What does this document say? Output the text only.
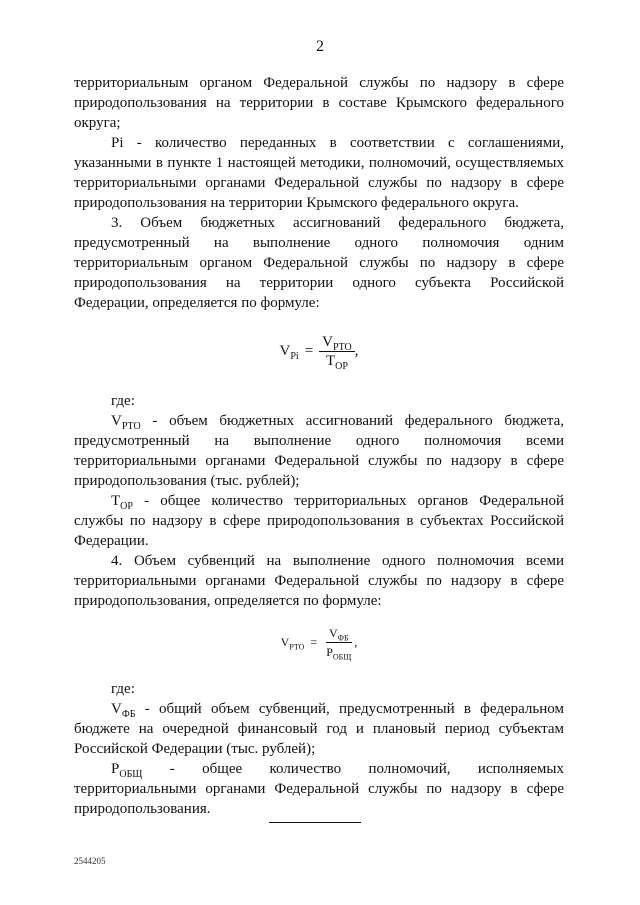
2

территориальным органом Федеральной службы по надзору в сфере природопользования на территории в составе Крымского федерального округа;

Pi - количество переданных в соответствии с соглашениями, указанными в пункте 1 настоящей методики, полномочий, осуществляемых территориальными органами Федеральной службы по надзору в сфере природопользования на территории Крымского федерального округа.

3. Объем бюджетных ассигнований федерального бюджета, предусмотренный на выполнение одного полномочия одним территориальным органом Федеральной службы по надзору в сфере природопользования на территории одного субъекта Российской Федерации, определяется по формуле:

$V_{Pi} = \frac{V_{PTO}}{T_{OP}}$ ,

где:

$V_{РТО}$ - объем бюджетных ассигнований федерального бюджета, предусмотренный на выполнение одного полномочия всеми территориальными органами Федеральной службы по надзору в сфере природопользования (тыс. рублей);

$T_{OP}$ - общее количество территориальных органов Федеральной службы по надзору в сфере природопользования в субъектах Российской Федерации.

4. Объем субвенций на выполнение одного полномочия всеми территориальными органами Федеральной службы по надзору в сфере природопользования, определяется по формуле:

$V_{РТО} = \frac{V_{ФБ}}{P_{ОБЩ}}$ ,

где:

$V_{ФБ}$ - общий объем субвенций, предусмотренный в федеральном бюджете на очередной финансовый год и плановый период субъектам Российской Федерации (тыс. рублей);

$P_{ОБЩ}$ - общее количество полномочий, исполняемых территориальными органами Федеральной службы по надзору в сфере природопользования.

2544205
